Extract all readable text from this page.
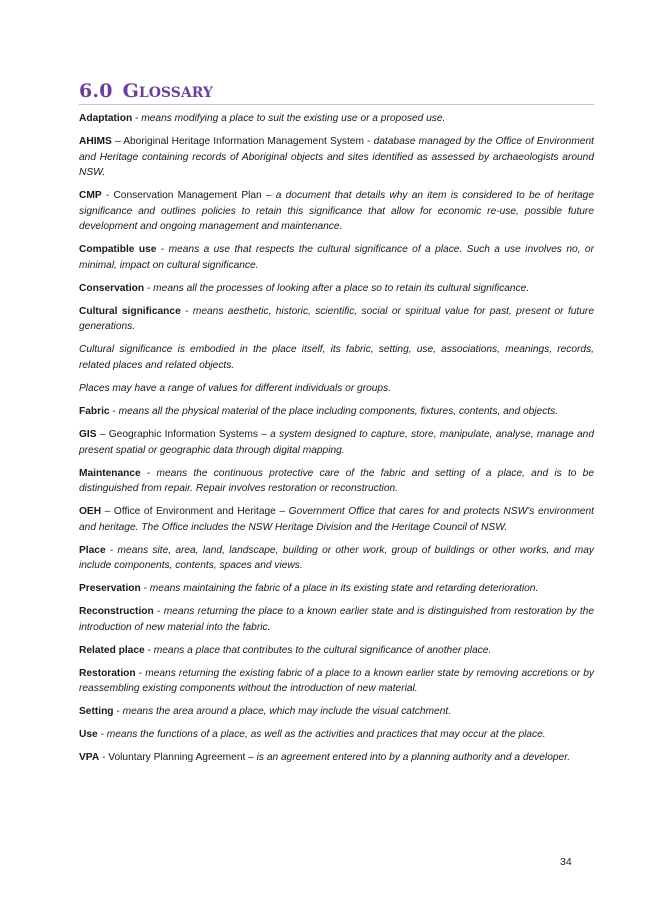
6.0 GLOSSARY

Adaptation - means modifying a place to suit the existing use or a proposed use.

AHIMS – Aboriginal Heritage Information Management System - database managed by the Office of Environment and Heritage containing records of Aboriginal objects and sites identified as assessed by archaeologists around NSW.

CMP - Conservation Management Plan – a document that details why an item is considered to be of heritage significance and outlines policies to retain this significance that allow for economic re-use, possible future development and ongoing management and maintenance.

Compatible use - means a use that respects the cultural significance of a place. Such a use involves no, or minimal, impact on cultural significance.

Conservation - means all the processes of looking after a place so to retain its cultural significance.

Cultural significance - means aesthetic, historic, scientific, social or spiritual value for past, present or future generations.

Cultural significance is embodied in the place itself, its fabric, setting, use, associations, meanings, records, related places and related objects.

Places may have a range of values for different individuals or groups.

Fabric - means all the physical material of the place including components, fixtures, contents, and objects.

GIS – Geographic Information Systems – a system designed to capture, store, manipulate, analyse, manage and present spatial or geographic data through digital mapping.

Maintenance - means the continuous protective care of the fabric and setting of a place, and is to be distinguished from repair. Repair involves restoration or reconstruction.

OEH – Office of Environment and Heritage – Government Office that cares for and protects NSW’s environment and heritage. The Office includes the NSW Heritage Division and the Heritage Council of NSW.

Place - means site, area, land, landscape, building or other work, group of buildings or other works, and may include components, contents, spaces and views.

Preservation - means maintaining the fabric of a place in its existing state and retarding deterioration.

Reconstruction - means returning the place to a known earlier state and is distinguished from restoration by the introduction of new material into the fabric.

Related place - means a place that contributes to the cultural significance of another place.

Restoration - means returning the existing fabric of a place to a known earlier state by removing accretions or by reassembling existing components without the introduction of new material.

Setting - means the area around a place, which may include the visual catchment.

Use - means the functions of a place, as well as the activities and practices that may occur at the place.

VPA - Voluntary Planning Agreement – is an agreement entered into by a planning authority and a developer.

34
